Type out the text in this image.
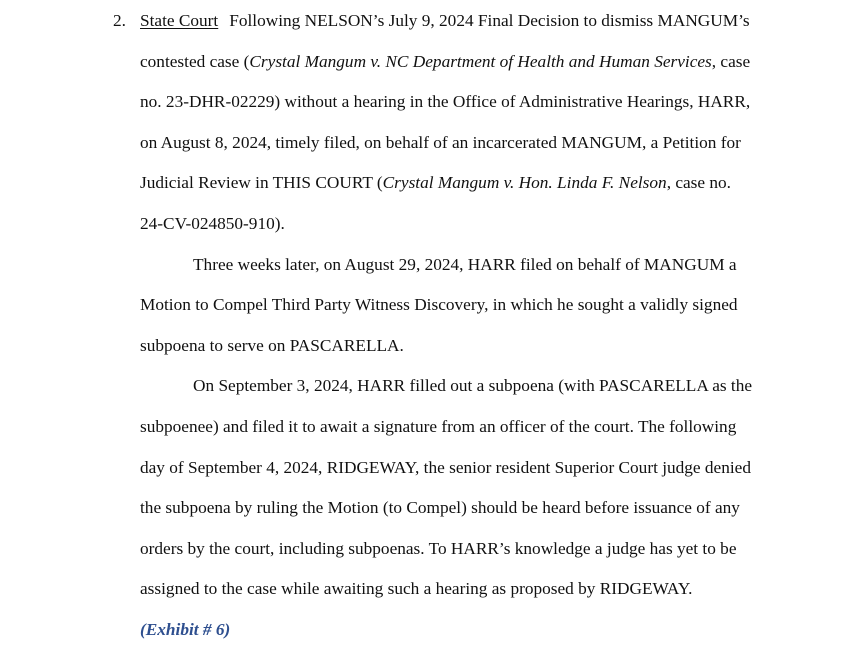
2. State Court Following NELSON’s July 9, 2024 Final Decision to dismiss MANGUM’s
contested case (Crystal Mangum v. NC Department of Health and Human Services, case
no. 23-DHR-02229) without a hearing in the Office of Administrative Hearings, HARR,
on August 8, 2024, timely filed, on behalf of an incarcerated MANGUM, a Petition for
Judicial Review in THIS COURT (Crystal Mangum v. Hon. Linda F. Nelson, case no.
24-CV-024850-910).
Three weeks later, on August 29, 2024, HARR filed on behalf of MANGUM a
Motion to Compel Third Party Witness Discovery, in which he sought a validly signed
subpoena to serve on PASCARELLA.
On September 3, 2024, HARR filled out a subpoena (with PASCARELLA as the
subpoenee) and filed it to await a signature from an officer of the court. The following
day of September 4, 2024, RIDGEWAY, the senior resident Superior Court judge denied
the subpoena by ruling the Motion (to Compel) should be heard before issuance of any
orders by the court, including subpoenas. To HARR’s knowledge a judge has yet to be
assigned to the case while awaiting such a hearing as proposed by RIDGEWAY.
(Exhibit # 6)
